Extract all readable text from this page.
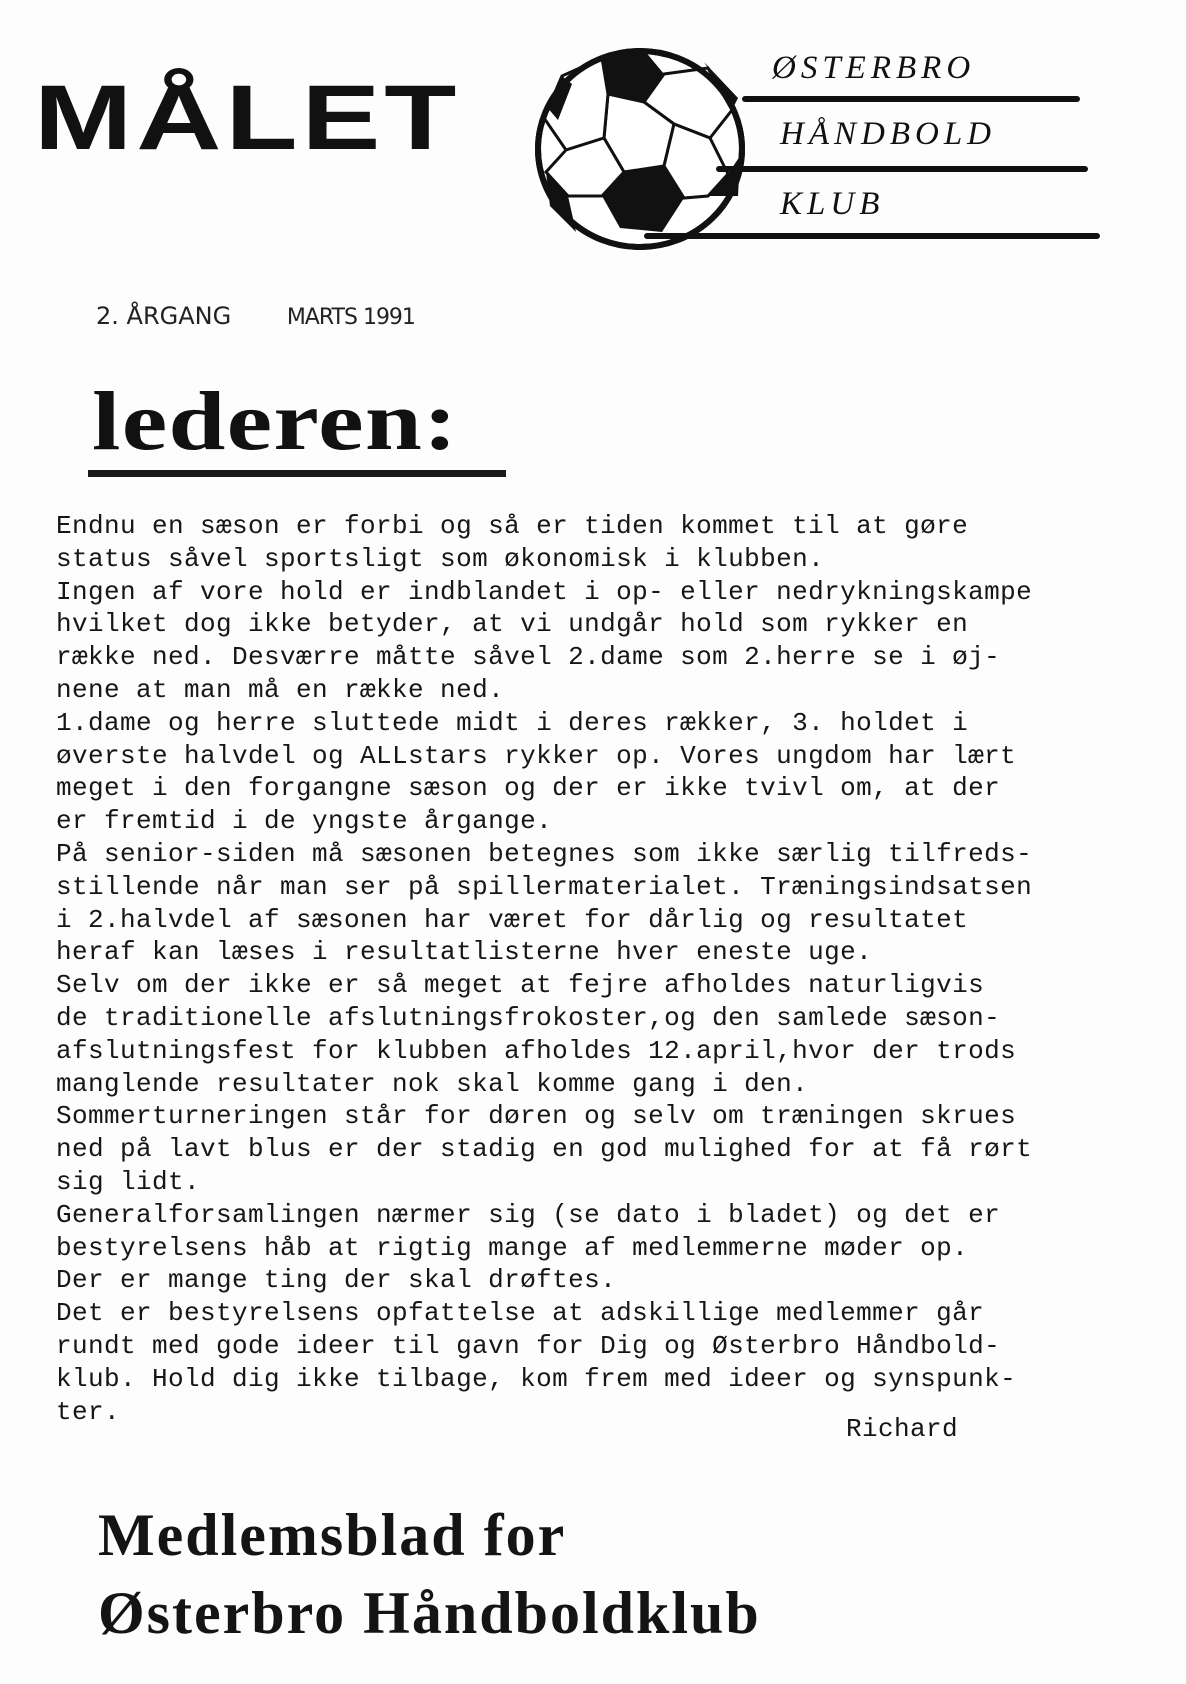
MÅLET	ØSTERBRO
HÅNDBOLD
KLUB
2. ÅRGANG	MARTS 1991
lederen:
Endnu en sæson er forbi og så er tiden kommet til at gøre
status såvel sportsligt som økonomisk i klubben.
Ingen af vore hold er indblandet i op- eller nedrykningskampe
hvilket dog ikke betyder, at vi undgår hold som rykker en
række ned. Desværre måtte såvel 2.dame som 2.herre se i øj-
nene at man må en række ned.
1.dame og herre sluttede midt i deres rækker, 3. holdet i
øverste halvdel og ALLstars rykker op. Vores ungdom har lært
meget i den forgangne sæson og der er ikke tvivl om, at der
er fremtid i de yngste årgange.
På senior-siden må sæsonen betegnes som ikke særlig tilfreds-
stillende når man ser på spillermaterialet. Træningsindsatsen
i 2.halvdel af sæsonen har været for dårlig og resultatet
heraf kan læses i resultatlisterne hver eneste uge.
Selv om der ikke er så meget at fejre afholdes naturligvis
de traditionelle afslutningsfrokoster,og den samlede sæson-
afslutningsfest for klubben afholdes 12.april,hvor der trods
manglende resultater nok skal komme gang i den.
Sommerturneringen står for døren og selv om træningen skrues
ned på lavt blus er der stadig en god mulighed for at få rørt
sig lidt.
Generalforsamlingen nærmer sig (se dato i bladet) og det er
bestyrelsens håb at rigtig mange af medlemmerne møder op.
Der er mange ting der skal drøftes.
Det er bestyrelsens opfattelse at adskillige medlemmer går
rundt med gode ideer til gavn for Dig og Østerbro Håndbold-
klub. Hold dig ikke tilbage, kom frem med ideer og synspunk-
ter.
Richard
Medlemsblad for
Østerbro Håndboldklub
